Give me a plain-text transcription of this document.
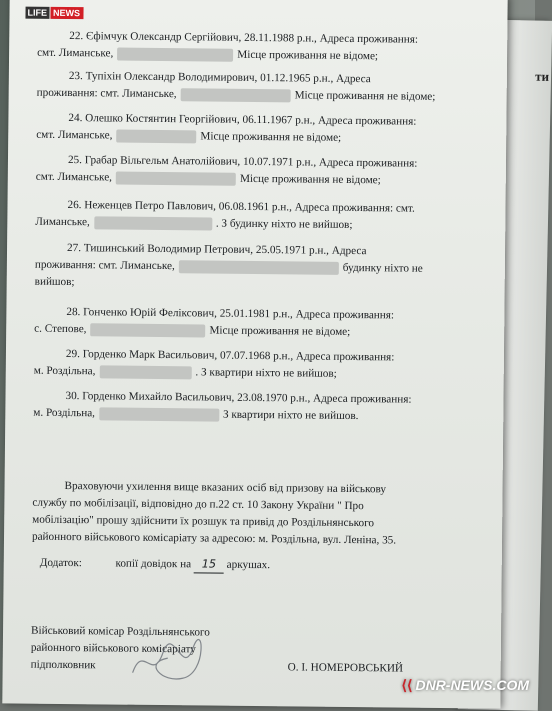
ти
LIFE NEWS
22. Єфімчук Олександр Сергійович, 28.11.1988 р.н., Адреса проживання:
смт. Лиманське,	Місце проживання не відоме;
23. Тупіхін Олександр Володимирович, 01.12.1965 р.н., Адреса
проживання: смт. Лиманське,	Місце проживання не відоме;
24. Олешко Костянтин Георгійович, 06.11.1967 р.н., Адреса проживання:
смт. Лиманське,	Місце проживання не відоме;
25. Грабар Вільгельм Анатолійович, 10.07.1971 р.н., Адреса проживання:
смт. Лиманське,	Місце проживання не відоме;
26. Неженцев Петро Павлович, 06.08.1961 р.н., Адреса проживання: смт.
Лиманське,	. З будинку ніхто не вийшов;
27. Тишинський Володимир Петрович, 25.05.1971 р.н., Адреса
проживання: смт. Лиманське,	будинку ніхто не
вийшов;
28. Гонченко Юрій Феліксович, 25.01.1981 р.н., Адреса проживання:
с. Степове,	Місце проживання не відоме;
29. Горденко Марк Васильович, 07.07.1968 р.н., Адреса проживання:
м. Роздільна,	. З квартири ніхто не вийшов;
30. Горденко Михайло Васильович, 23.08.1970 р.н., Адреса проживання:
м. Роздільна,	З квартири ніхто не вийшов.
Враховуючи ухилення вище вказаних осіб від призову на військову
службу по мобілізації, відповідно до п.22 ст. 10 Закону України " Про
мобілізацію" прошу здійснити їх розшук та привід до Роздільнянського
районного військового комісаріату за адресою: м. Роздільна, вул. Леніна, 35.
Додаток:	копії довідок на 15 аркушах.
Військовий комісар Роздільнянського
районного військового комісаріату
підполковник	О. І. НОМЕРОВСЬКИЙ
⟨⟨ DNR-NEWS.COM
